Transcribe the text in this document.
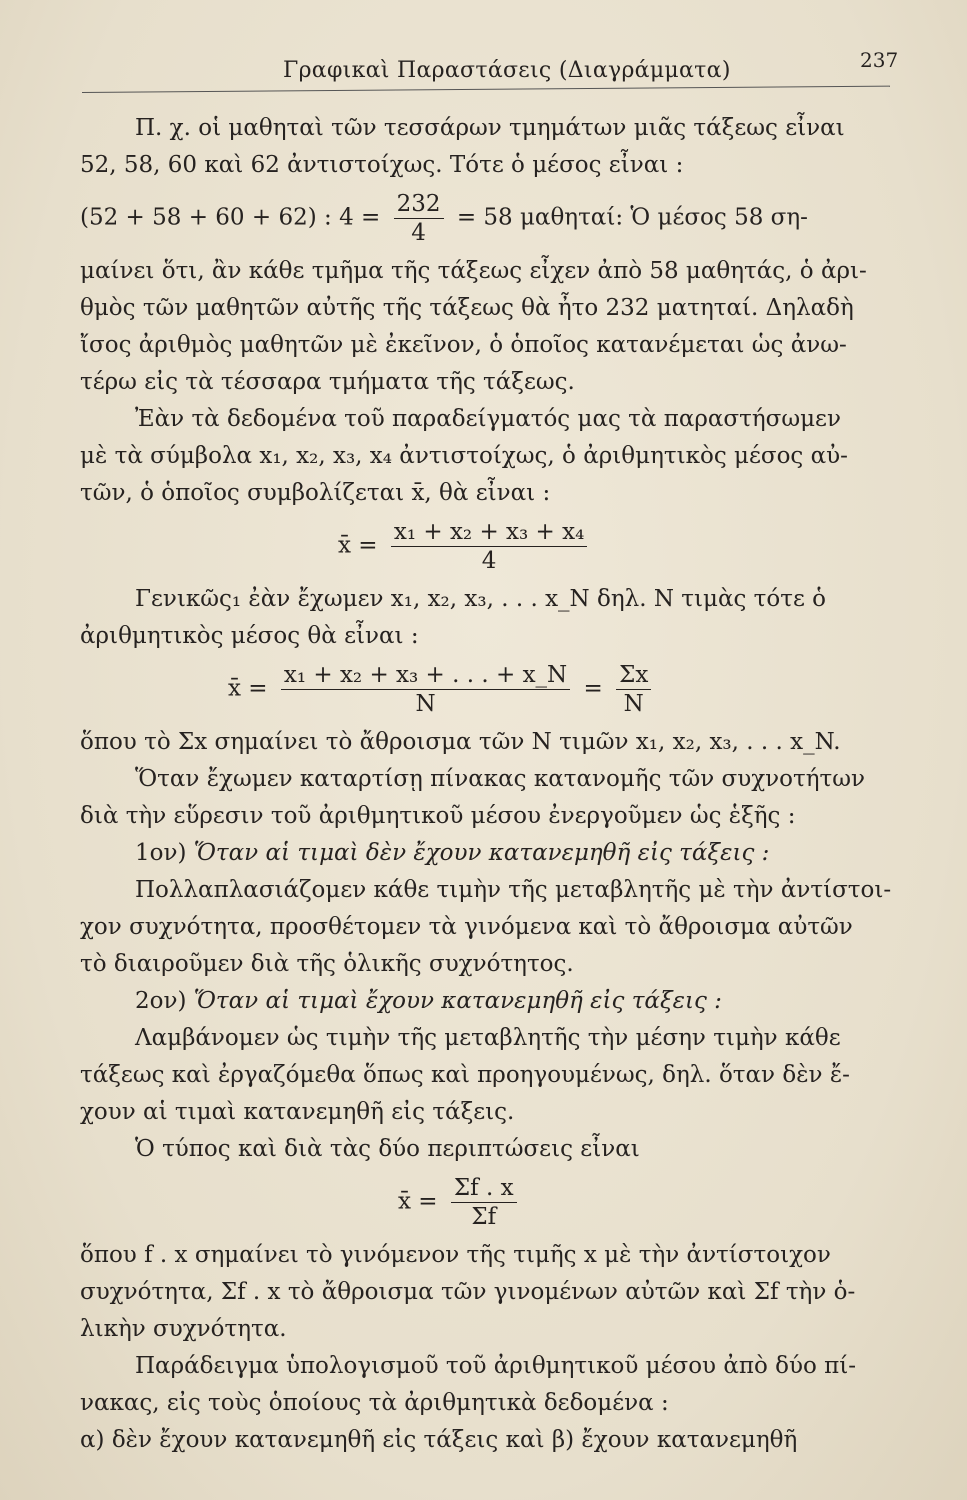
Γραφικαὶ Παραστάσεις (Διαγράμματα)	237
Π. χ. οἱ μαθηταὶ τῶν τεσσάρων τμημάτων μιᾶς τάξεως εἶναι
52, 58, 60 καὶ 62 ἀντιστοίχως. Τότε ὁ μέσος εἶναι :
(52 + 58 + 60 + 62) : $4 = \frac{232}{4} = 58$ μαθηταί: Ὁ μέσος 58 ση-
μαίνει ὅτι, ἂν κάθε τμῆμα τῆς τάξεως εἶχεν ἀπὸ 58 μαθητάς, ὁ ἀρι-
θμὸς τῶν μαθητῶν αὐτῆς τῆς τάξεως θὰ ἦτο 232 ματηταί. Δηλαδὴ
ἴσος ἀριθμὸς μαθητῶν μὲ ἐκεῖνον, ὁ ὁποῖος κατανέμεται ὡς ἀνω-
τέρω εἰς τὰ τέσσαρα τμήματα τῆς τάξεως.
Ἐὰν τὰ δεδομένα τοῦ παραδείγματός μας τὰ παραστήσωμεν
μὲ τὰ σύμβολα x₁, x₂, x₃, x₄ ἀντιστοίχως, ὁ ἀριθμητικὸς μέσος αὐ-
τῶν, ὁ ὁποῖος συμβολίζεται x̄, θὰ εἶναι :
x̄ = $\frac{\text{x₁ + x₂ + x₃ + x₄}}{4}$
Γενικῶς₁ ἐὰν ἔχωμεν x₁, x₂, x₃, . . . x_N δηλ. N τιμὰς τότε ὁ
ἀριθμητικὸς μέσος θὰ εἶναι :
x̄ = $\frac{\text{x₁ + x₂ + x₃ + . . . + x\_N}}{N} = \frac{\Sigma x}{N}$
ὅπου τὸ Σx σημαίνει τὸ ἄθροισμα τῶν N τιμῶν x₁, x₂, x₃, . . . x_N.
Ὅταν ἔχωμεν καταρτίσῃ πίνακας κατανομῆς τῶν συχνοτήτων
διὰ τὴν εὕρεσιν τοῦ ἀριθμητικοῦ μέσου ἐνεργοῦμεν ὡς ἑξῆς :
1ον) Ὅταν αἱ τιμαὶ δὲν ἔχουν κατανεμηθῆ εἰς τάξεις :
Πολλαπλασιάζομεν κάθε τιμὴν τῆς μεταβλητῆς μὲ τὴν ἀντίστοι-
χον συχνότητα, προσθέτομεν τὰ γινόμενα καὶ τὸ ἄθροισμα αὐτῶν
τὸ διαιροῦμεν διὰ τῆς ὁλικῆς συχνότητος.
2ον) Ὅταν αἱ τιμαὶ ἔχουν κατανεμηθῆ εἰς τάξεις :
Λαμβάνομεν ὡς τιμὴν τῆς μεταβλητῆς τὴν μέσην τιμὴν κάθε
τάξεως καὶ ἐργαζόμεθα ὅπως καὶ προηγουμένως, δηλ. ὅταν δὲν ἔ-
χουν αἱ τιμαὶ κατανεμηθῆ εἰς τάξεις.
Ὁ τύπος καὶ διὰ τὰς δύο περιπτώσεις εἶναι
x̄ = $\frac{\Sigma f . x}{\Sigma f}$
ὅπου f . x σημαίνει τὸ γινόμενον τῆς τιμῆς x μὲ τὴν ἀντίστοιχον
συχνότητα, Σf . x τὸ ἄθροισμα τῶν γινομένων αὐτῶν καὶ Σf τὴν ὁ-
λικὴν συχνότητα.
Παράδειγμα ὑπολογισμοῦ τοῦ ἀριθμητικοῦ μέσου ἀπὸ δύο πί-
νακας, εἰς τοὺς ὁποίους τὰ ἀριθμητικὰ δεδομένα :
α) δὲν ἔχουν κατανεμηθῆ εἰς τάξεις καὶ β) ἔχουν κατανεμηθῆ
